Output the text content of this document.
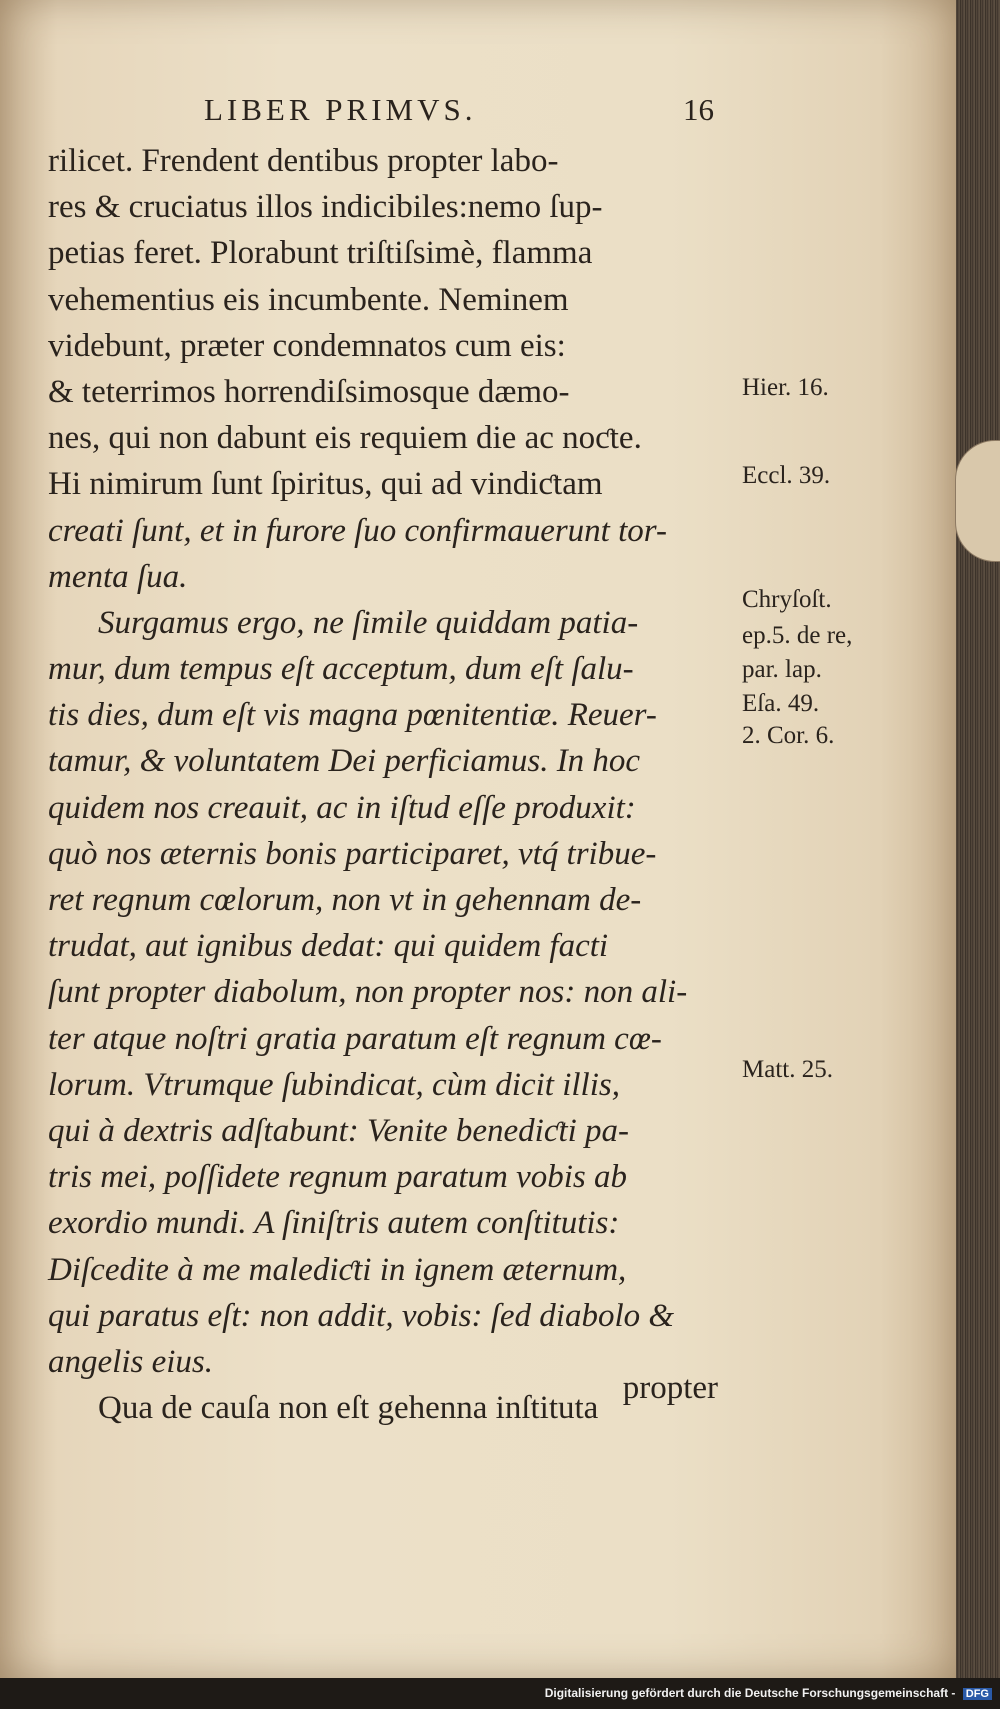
LIBER PRIMVS.	16
rilicet. Frendent dentibus propter labo-
res & cruciatus illos indicibiles:nemo ſup-
petias feret. Plorabunt triſtiſsimè, flamma
vehementius eis incumbente. Neminem
videbunt, præter condemnatos cum eis:
& teterrimos horrendiſsimosque dæmo-
nes, qui non dabunt eis requiem die ac noƈte.
Hi nimirum ſunt ſpiritus, qui ad vindiƈtam
creati ſunt, et in furore ſuo confirmauerunt tor-
menta ſua.
Surgamus ergo, ne ſimile quiddam patia-
mur, dum tempus eſt acceptum, dum eſt ſalu-
tis dies, dum eſt vis magna pœnitentiæ. Reuer-
tamur, & voluntatem Dei perficiamus. In hoc
quidem nos creauit, ac in iſtud eſſe produxit:
quò nos æternis bonis participaret, vtq́ tribue-
ret regnum cœlorum, non vt in gehennam de-
trudat, aut ignibus dedat: qui quidem facti
ſunt propter diabolum, non propter nos: non ali-
ter atque noſtri gratia paratum eſt regnum cœ-
lorum. Vtrumque ſubindicat, cùm dicit illis,
qui à dextris adſtabunt: Venite benediƈti pa-
tris mei, poſſidete regnum paratum vobis ab
exordio mundi. A ſiniſtris autem conſtitutis:
Diſcedite à me malediƈti in ignem æternum,
qui paratus eſt: non addit, vobis: ſed diabolo &
angelis eius.
Qua de cauſa non eſt gehenna inſtituta
propter
Hier. 16.
Eccl. 39.
Chryſoſt.
ep.5. de re,
par. lap.
Eſa. 49.
2. Cor. 6.
Matt. 25.
Digitalisierung gefördert durch die Deutsche Forschungsgemeinschaft - DFG
